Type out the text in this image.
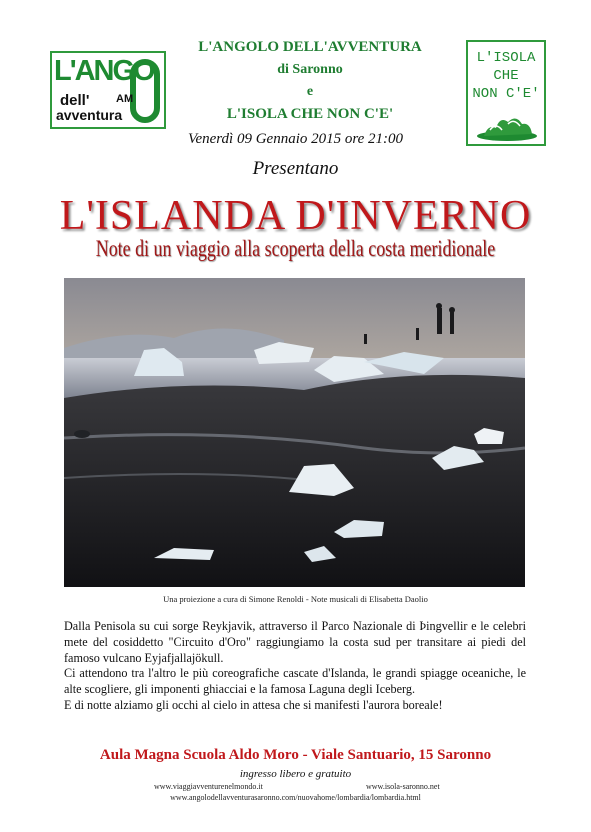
L'ANGO
dell' AM
avventura
L'ISOLA
CHE
NON C'E'
L'ANGOLO DELL'AVVENTURA
di Saronno
e
L'ISOLA CHE NON C'E'
Venerdì 09 Gennaio 2015 ore 21:00
Presentano
L'ISLANDA D'INVERNO
Note di un viaggio alla scoperta della costa meridionale
Una proiezione a cura di Simone Renoldi - Note musicali di Elisabetta Daolio

Dalla Penisola su cui sorge Reykjavik, attraverso il Parco Nazionale di Þingvellir e le celebri mete del cosiddetto "Circuito d'Oro" raggiungiamo la costa sud per transitare ai piedi del famoso vulcano Eyjafjallajökull.

Ci attendono tra l'altro le più coreografiche cascate d'Islanda, le grandi spiagge oceaniche, le alte scogliere, gli imponenti ghiacciai e la famosa Laguna degli Iceberg.

E di notte alziamo gli occhi al cielo in attesa che si manifesti l'aurora boreale!

Aula Magna Scuola Aldo Moro - Viale Santuario, 15 Saronno
ingresso libero e gratuito
www.viaggiavventurenelmondo.it	www.isola-saronno.net
www.angolodellavventurasaronno.com/nuovahome/lombardia/lombardia.html
